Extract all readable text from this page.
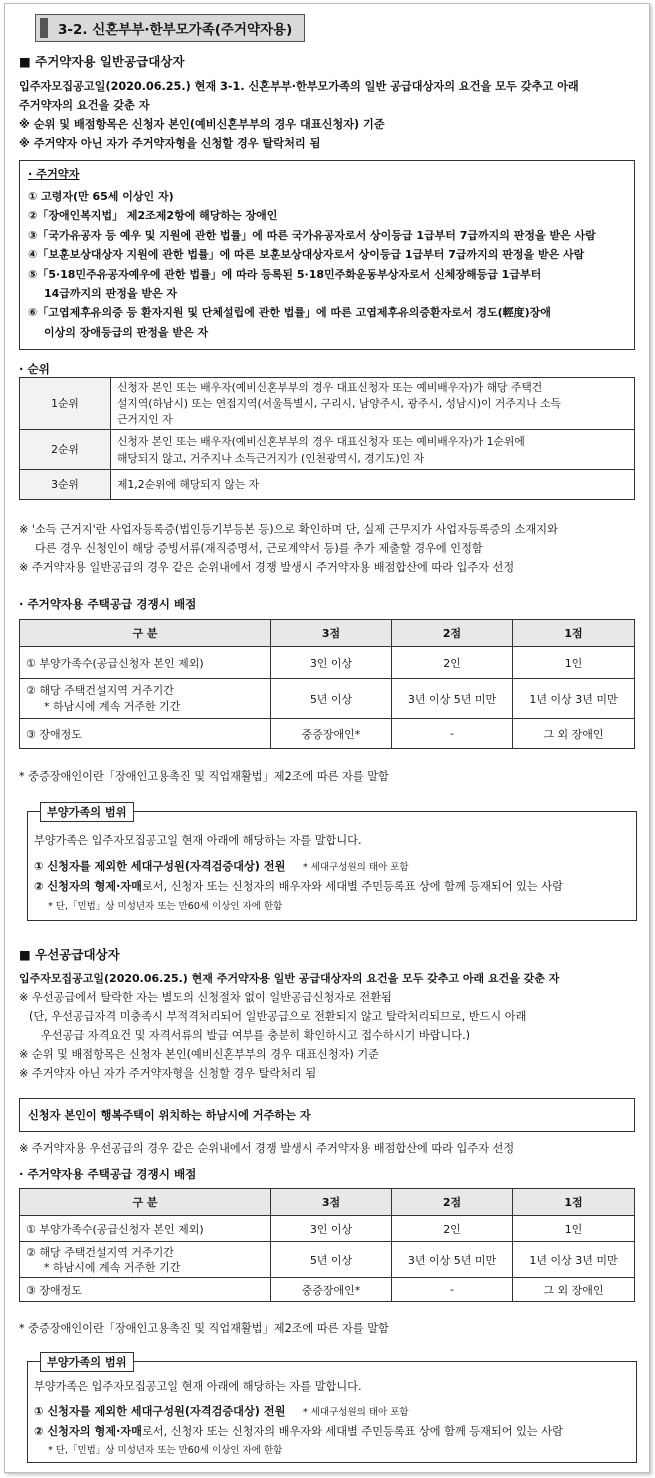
3-2. 신혼부부·한부모가족(주거약자용)
■ 주거약자용 일반공급대상자
입주자모집공고일(2020.06.25.) 현재 3-1. 신혼부부·한부모가족의 일반 공급대상자의 요건을 모두 갖추고 아래
주거약자의 요건을 갖춘 자
※ 순위 및 배점항목은 신청자 본인(예비신혼부부의 경우 대표신청자) 기준
※ 주거약자 아닌 자가 주거약자형을 신청할 경우 탈락처리 됨
· 주거약자
① 고령자(만 65세 이상인 자)
②「장애인복지법」 제2조제2항에 해당하는 장애인
③「국가유공자 등 예우 및 지원에 관한 법률」에 따른 국가유공자로서 상이등급 1급부터 7급까지의 판정을 받은 사람
④「보훈보상대상자 지원에 관한 법률」에 따른 보훈보상대상자로서 상이등급 1급부터 7급까지의 판정을 받은 사람
⑤「5·18민주유공자예우에 관한 법률」에 따라 등록된 5·18민주화운동부상자로서 신체장해등급 1급부터
14급까지의 판정을 받은 자
⑥「고엽제후유의증 등 환자지원 및 단체설립에 관한 법률」에 따른 고엽제후유의증환자로서 경도(輕度)장애
이상의 장애등급의 판정을 받은 자
· 순위
1순위	신청자 본인 또는 배우자(예비신혼부부의 경우 대표신청자 또는 예비배우자)가 해당 주택건
설지역(하남시) 또는 연접지역(서울특별시, 구리시, 남양주시, 광주시, 성남시)이 거주지나 소득
근거지인 자

2순위	신청자 본인 또는 배우자(예비신혼부부의 경우 대표신청자 또는 예비배우자)가 1순위에
해당되지 않고, 거주지나 소득근거지가 (인천광역시, 경기도)인 자

3순위	제1,2순위에 해당되지 않는 자
※ '소득 근거지'란 사업자등록증(법인등기부등본 등)으로 확인하며 단, 실제 근무지가 사업자등록증의 소재지와
다른 경우 신청인이 해당 증빙서류(재직증명서, 근로계약서 등)를 추가 제출할 경우에 인정함
※ 주거약자용 일반공급의 경우 같은 순위내에서 경쟁 발생시 주거약자용 배점합산에 따라 입주자 선정
· 주거약자용 주택공급 경쟁시 배점
구 분	3점	2점	1점
① 부양가족수(공급신청자 본인 제외)	3인 이상	2인	1인

② 해당 주택건설지역 거주기간
* 하남시에 계속 거주한 기간	5년 이상	3년 이상 5년 미만	1년 이상 3년 미만
③ 장애정도	중증장애인*	-	그 외 장애인
* 중증장애인이란「장애인고용촉진 및 직업재활법」제2조에 따른 자를 말함
부양가족의 범위
부양가족은 입주자모집공고일 현재 아래에 해당하는 자를 말합니다.
① 신청자를 제외한 세대구성원(자격검증대상) 전원 * 세대구성원의 태아 포함
② 신청자의 형제·자매로서, 신청자 또는 신청자의 배우자와 세대별 주민등록표 상에 함께 등재되어 있는 사람
* 단,「민법」상 미성년자 또는 만60세 이상인 자에 한함
■ 우선공급대상자
입주자모집공고일(2020.06.25.) 현재 주거약자용 일반 공급대상자의 요건을 모두 갖추고 아래 요건을 갖춘 자
※ 우선공급에서 탈락한 자는 별도의 신청절차 없이 일반공급신청자로 전환됨
(단, 우선공급자격 미충족시 부적격처리되어 일반공급으로 전환되지 않고 탈락처리되므로, 반드시 아래
우선공급 자격요건 및 자격서류의 발급 여부를 충분히 확인하시고 접수하시기 바랍니다.)
※ 순위 및 배점항목은 신청자 본인(예비신혼부부의 경우 대표신청자) 기준
※ 주거약자 아닌 자가 주거약자형을 신청할 경우 탈락처리 됨
신청자 본인이 행복주택이 위치하는 하남시에 거주하는 자
※ 주거약자용 우선공급의 경우 같은 순위내에서 경쟁 발생시 주거약자용 배점합산에 따라 입주자 선정
· 주거약자용 주택공급 경쟁시 배점
구 분	3점	2점	1점
① 부양가족수(공급신청자 본인 제외)	3인 이상	2인	1인

② 해당 주택건설지역 거주기간
* 하남시에 계속 거주한 기간	5년 이상	3년 이상 5년 미만	1년 이상 3년 미만
③ 장애정도	중증장애인*	-	그 외 장애인
* 중증장애인이란「장애인고용촉진 및 직업재활법」제2조에 따른 자를 말함
부양가족의 범위
부양가족은 입주자모집공고일 현재 아래에 해당하는 자를 말합니다.
① 신청자를 제외한 세대구성원(자격검증대상) 전원 * 세대구성원의 태아 포함
② 신청자의 형제·자매로서, 신청자 또는 신청자의 배우자와 세대별 주민등록표 상에 함께 등재되어 있는 사람
* 단,「민법」상 미성년자 또는 만60세 이상인 자에 한함
